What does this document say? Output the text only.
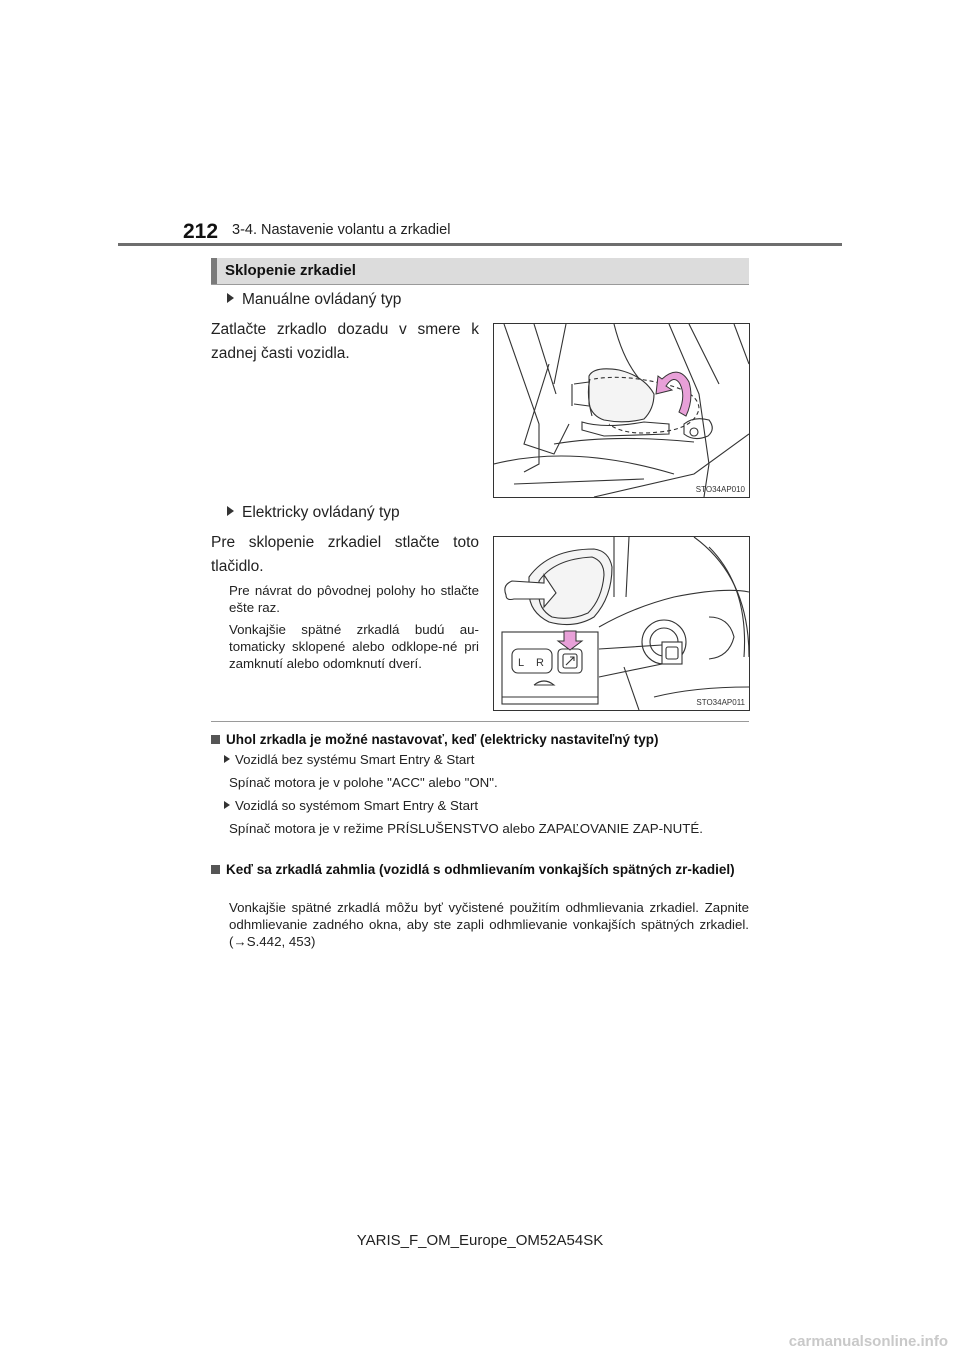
212 3-4. Nastavenie volantu a zrkadiel
Sklopenie zrkadiel
Manuálne ovládaný typ
Zatlačte zrkadlo dozadu v smere k zadnej časti vozidla.
STO34AP010
Elektricky ovládaný typ
Pre sklopenie zrkadiel stlačte toto tlačidlo.
Pre návrat do pôvodnej polohy ho stlačte ešte raz.
Vonkajšie spätné zrkadlá budú au-tomaticky sklopené alebo odklope-né pri zamknutí alebo odomknutí dverí.	L R
STO34AP011
Uhol zrkadla je možné nastavovať, keď (elektricky nastaviteľný typ)
Vozidlá bez systému Smart Entry & Start
Spínač motora je v polohe "ACC" alebo "ON".
Vozidlá so systémom Smart Entry & Start
Spínač motora je v režime PRÍSLUŠENSTVO alebo ZAPAĽOVANIE ZAP-NUTÉ.
Keď sa zrkadlá zahmlia (vozidlá s odhmlievaním vonkajších spätných zr-kadiel)
Vonkajšie spätné zrkadlá môžu byť vyčistené použitím odhmlievania zrkadiel. Zapnite odhmlievanie zadného okna, aby ste zapli odhmlievanie vonkajších spätných zrkadiel. (→S.442, 453)
YARIS_F_OM_Europe_OM52A54SK
carmanualsonline.info
